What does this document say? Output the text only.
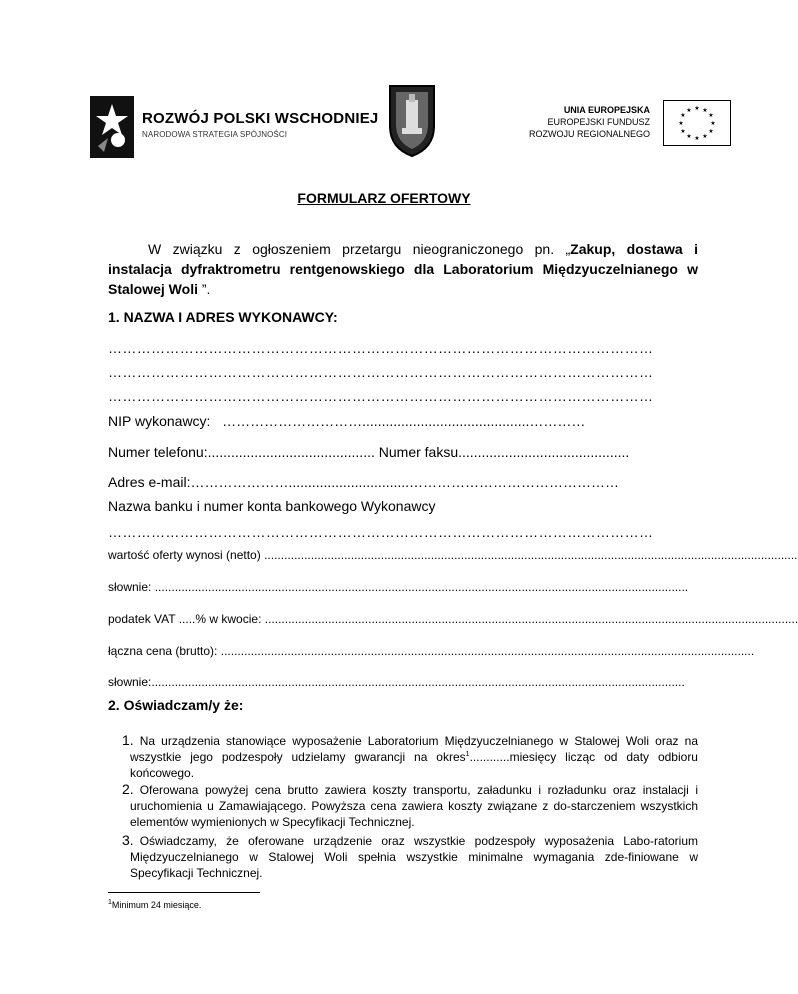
ROZWÓJ POLSKI WSCHODNIEJ
NARODOWA STRATEGIA SPÓJNOŚCI
UNIA EUROPEJSKA
EUROPEJSKI FUNDUSZ
ROZWOJU REGIONALNEGO
★ ★
★
★
★
★
★
★
★
★
★
★
FORMULARZ OFERTOWY
W związku z ogłoszeniem przetargu nieograniczonego pn. „Zakup, dostawa i instalacja dyfraktrometru rentgenowskiego dla Laboratorium Międzyuczelnianego w Stalowej Woli ”.
1. NAZWA I ADRES WYKONAWCY:
……………………………………………………………………………………………………
……………………………………………………………………………………………………
……………………………………………………………………………………………………
NIP wykonawcy: …………………………...........................................…………
Numer telefonu:........................................... Numer faksu............................................
Adres e-mail:…………………...............................………………………………………
Nazwa banku i numer konta bankowego Wykonawcy
……………………………………………………………………………………………………
wartość oferty wynosi (netto) ................................................................................................................................................................
słownie: ................................................................................................................................................................
podatek VAT .....% w kwocie: ................................................................................................................................................................
łączna cena (brutto): ................................................................................................................................................................
słownie:................................................................................................................................................................
2. Oświadczam/y że:
1. Na urządzenia stanowiące wyposażenie Laboratorium Międzyuczelnianego w Stalowej Woli oraz na wszystkie jego podzespoły udzielamy gwarancji na okres$^1$............miesięcy licząc od daty odbioru końcowego.
2. Oferowana powyżej cena brutto zawiera koszty transportu, załadunku i rozładunku oraz instalacji i uruchomienia u Zamawiającego. Powyższa cena zawiera koszty związane z do-starczeniem wszystkich elementów wymienionych w Specyfikacji Technicznej.
3. Oświadczamy, że oferowane urządzenie oraz wszystkie podzespoły wyposażenia Labo-ratorium Międzyuczelnianego w Stalowej Woli spełnia wszystkie minimalne wymagania zde-finiowane w Specyfikacji Technicznej.
$^1$Minimum 24 miesiące.
